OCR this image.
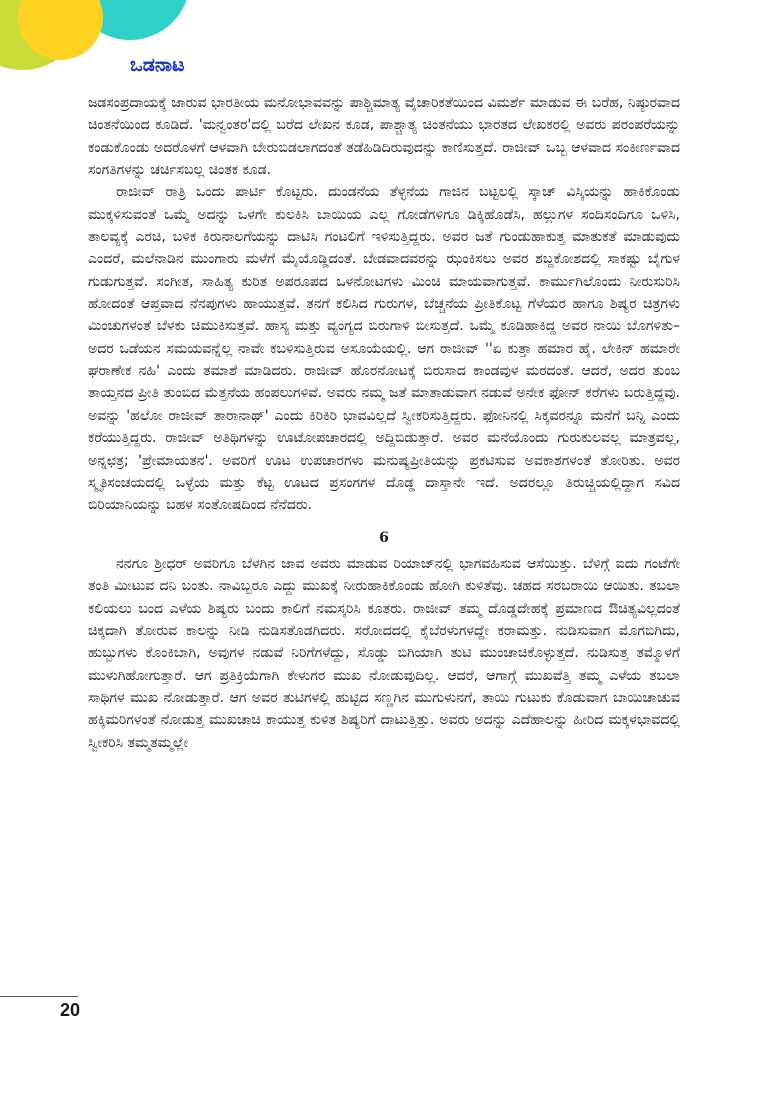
ಒಡನಾಟ

ಜಡಸಂಪ್ರದಾಯಕ್ಕೆ ಜಾರುವ ಭಾರತೀಯ ಮನೋಭಾವವನ್ನು ಪಾಶ್ಚಿಮಾತ್ಯ ವೈಚಾರಿಕತೆಯಿಂದ ವಿಮರ್ಶೆ ಮಾಡುವ ಈ ಬರೆಹ, ನಿಷ್ಠುರವಾದ ಚಿಂತನೆಯಿಂದ ಕೂಡಿದೆ. 'ಮನ್ವಂತರ'ದಲ್ಲಿ ಬರೆದ ಲೇಖನ ಕೂಡ, ಪಾಶ್ಚಾತ್ಯ ಚಿಂತನೆಯು ಭಾರತದ ಲೇಖಕರಲ್ಲಿ ಅವರು ಪರಂಪರೆಯನ್ನು ಕಂಡುಕೊಂಡು ಅದರೊಳಗೆ ಆಳವಾಗಿ ಬೇರುಬಿಡಲಾಗದಂತೆ ತಡೆಹಿಡಿದಿರುವುದನ್ನು ಕಾಣಿಸುತ್ತದೆ. ರಾಜೀವ್ ಒಬ್ಬ ಆಳವಾದ ಸಂಕೀರ್ಣವಾದ ಸಂಗತಿಗಳನ್ನು ಚರ್ಚಿಸಬಲ್ಲ ಚಿಂತಕ ಕೂಡ.

ರಾಜೀವ್ ರಾತ್ರಿ ಒಂದು ಪಾರ್ಟಿ ಕೊಟ್ಟರು. ದುಂಡನೆಯ ತೆಳ್ಳನೆಯ ಗಾಜಿನ ಬಟ್ಟಲಲ್ಲಿ ಸ್ಕಾಚ್ ವಿಸ್ಕಿಯನ್ನು ಹಾಕಿಕೊಂಡು ಮುಕ್ಕಳಿಸುವಂತೆ ಒಮ್ಮೆ ಅದನ್ನು ಒಳಗೇ ಕುಲಕಿಸಿ ಬಾಯಿಯ ಎಲ್ಲ ಗೋಡೆಗಳಿಗೂ ಡಿಕ್ಕಿಹೊಡೆಸಿ, ಹಲ್ಲುಗಳ ಸಂದಿಸಂದಿಗೂ ಒಳಿಸಿ, ತಾಲವ್ಯಕ್ಕೆ ಎರಚಿ, ಬಳಿಕ ಕಿರುನಾಲಗೆಯನ್ನು ದಾಟಿಸಿ ಗಂಟಲಿಗೆ ಇಳಿಸುತ್ತಿದ್ದರು. ಅವರ ಜತೆ ಗುಂಡುಹಾಕುತ್ತ ಮಾತುಕತೆ ಮಾಡುವುದು ಎಂದರೆ, ಮಲೆನಾಡಿನ ಮುಂಗಾರು ಮಳೆಗೆ ಮೈಯೊಡ್ಡಿದಂತೆ. ಬೇಡವಾದವರನ್ನು ಝಂಕಿಸಲು ಅವರ ಶಬ್ದಕೋಶದಲ್ಲಿ ಸಾಕಷ್ಟು ಬೈಗುಳ ಗುಡುಗುತ್ತವೆ. ಸಂಗೀತ, ಸಾಹಿತ್ಯ ಕುರಿತ ಅಪರೂಪದ ಒಳನೋಟಗಳು ಮಿಂಚಿ ಮಾಯವಾಗುತ್ತವೆ. ಕಾರ್ಮುಗಿಲೊಂದು ನೀರುಸುರಿಸಿ ಹೋದಂತೆ ಆಪ್ತವಾದ ನೆನಪುಗಳು ಹಾಯುತ್ತವೆ. ತನಗೆ ಕಲಿಸಿದ ಗುರುಗಳ, ಬೆಚ್ಚನೆಯ ಪ್ರೀತಿಕೊಟ್ಟ ಗೆಳೆಯರ ಹಾಗೂ ಶಿಷ್ಯರ ಚಿತ್ರಗಳು ಮಿಂಚುಗಳಂತೆ ಬೆಳಕು ಚಿಮುಕಿಸುತ್ತವೆ. ಹಾಸ್ಯ ಮತ್ತು ವ್ಯಂಗ್ಯದ ಬಿರುಗಾಳಿ ಬೀಸುತ್ತದೆ. ಒಮ್ಮೆ ಕೂಡಿಹಾಕಿದ್ದ ಅವರ ನಾಯಿ ಬೊಗಳಿತು–ಅದರ ಒಡೆಯನ ಸಮಯವನ್ನೆಲ್ಲ ನಾವೇ ಕಬಳಿಸುತ್ತಿರುವ ಅಸೂಯೆಯಲ್ಲಿ. ಆಗ ರಾಜೀವ್ ''ಏ ಕುತ್ತಾ ಹಮಾರ ಹೈ. ಲೇಕಿನ್ ಹಮಾರೇ ಘರಾಣೇಕ ನಹಿ' ಎಂದು ತಮಾಶೆ ಮಾಡಿದರು. ರಾಜೀವ್ ಹೊರನೋಟಕ್ಕೆ ಬಿರುಸಾದ ಕಾಂಡವುಳ ಮರದಂತೆ. ಆದರೆ, ಅದರ ತುಂಬ ತಾಯ್ತನದ ಪ್ರೀತಿ ತುಂಬಿದ ಮೆತ್ತನೆಯ ಹಂಪಲುಗಳಿವೆ. ಅವರು ನಮ್ಮ ಜತೆ ಮಾತಾಡುವಾಗ ನಡುವೆ ಅನೇಕ ಫೋನ್ ಕರೆಗಳು ಬರುತ್ತಿದ್ದವು. ಅವನ್ನು 'ಹಲೋ ರಾಜೀವ್ ತಾರಾನಾಥ್' ಎಂದು ಕಿರಿಕಿರಿ ಭಾವವಿಲ್ಲದೆ ಸ್ವೀಕರಿಸುತ್ತಿದ್ದರು. ಫೋನಿನಲ್ಲಿ ಸಿಕ್ಕವರನ್ನೂ ಮನೆಗೆ ಬನ್ನಿ ಎಂದು ಕರೆಯುತ್ತಿದ್ದರು. ರಾಜೀವ್ ಅತಿಥಿಗಳನ್ನು ಊಟೋಪಚಾರದಲ್ಲಿ ಅದ್ದಿಬಿಡುತ್ತಾರೆ. ಅವರ ಮನೆಯೊಂದು ಗುರುಕುಲವಲ್ಲ ಮಾತ್ರವಲ್ಲ, ಅನ್ನಛತ್ರ; 'ಪ್ರೇಮಾಯತನ'. ಅವರಿಗೆ ಊಟ ಉಪಚಾರಗಳು ಮನುಷ್ಯಪ್ರೀತಿಯನ್ನು ಪ್ರಕಟಿಸುವ ಅವಕಾಶಗಳಂತೆ ತೋರಿತು. ಅವರ ಸ್ಮೃತಿಸಂಚಯದಲ್ಲಿ ಒಳ್ಳೆಯ ಮತ್ತು ಕೆಟ್ಟ ಊಟದ ಪ್ರಸಂಗಗಳ ದೊಡ್ಡ ದಾಸ್ತಾನೇ ಇದೆ. ಅದರಲ್ಲೂ ತಿರುಚ್ಚಿಯಲ್ಲಿದ್ದಾಗ ಸವಿದ ಬಿರಿಯಾನಿಯನ್ನು ಬಹಳ ಸಂತೋಷದಿಂದ ನೆನೆದರು.

6

ನನಗೂ ಶ್ರೀಧರ್ ಅವರಿಗೂ ಬೆಳಗಿನ ಜಾವ ಅವರು ಮಾಡುವ ರಿಯಾಜ್‌ನಲ್ಲಿ ಭಾಗವಹಿಸುವ ಆಸೆಯಿತ್ತು. ಬೆಳಿಗ್ಗೆ ಐದು ಗಂಟೆಗೇ ತಂತಿ ಮೀಟುವ ದನಿ ಬಂತು. ನಾವಿಬ್ಬರೂ ಎದ್ದು ಮುಖಕ್ಕೆ ನೀರುಹಾಕಿಕೊಂಡು ಹೋಗಿ ಕುಳಿತೆವು. ಚಹದ ಸರಬರಾಯಿ ಆಯಿತು. ತಬಲಾ ಕಲಿಯಲು ಬಂದ ಎಳೆಯ ಶಿಷ್ಯರು ಬಂದು ಕಾಲಿಗೆ ನಮಸ್ಕರಿಸಿ ಕೂತರು. ರಾಜೀವ್ ತಮ್ಮ ದೊಡ್ಡದೇಹಕ್ಕೆ ಪ್ರಮಾಣದ ಔಚಿತ್ಯವಿಲ್ಲದಂತೆ ಚಿಕ್ಕದಾಗಿ ತೋರುವ ಕಾಲನ್ನು ನೀಡಿ ನುಡಿಸತೊಡಗಿದರು. ಸರೋದದಲ್ಲಿ ಕೈಬೆರಳುಗಳದ್ದೇ ಕರಾಮತ್ತು. ನುಡಿಸುವಾಗ ಮೊಗಬಿಗಿದು, ಹುಬ್ಬುಗಳು ಕೊಂಕಿಬಾಗಿ, ಅವುಗಳ ನಡುವೆ ನಿರಿಗೆಗಳೆದ್ದು, ಸೊಡ್ಡು ಬಿಗಿಯಾಗಿ ತುಟಿ ಮುಂಚಾಚಿಕೊಳ್ಳುತ್ತದೆ. ನುಡಿಸುತ್ತ ತಮ್ಮೊಳಗೆ ಮುಳುಗಿಹೋಗುತ್ತಾರೆ. ಆಗ ಪ್ರತಿಕ್ರಿಯೆಗಾಗಿ ಕೇಳುಗರ ಮುಖ ನೋಡುವುದಿಲ್ಲ. ಆದರೆ, ಆಗಾಗ್ಗೆ ಮುಖವೆತ್ತಿ ತಮ್ಮ ಎಳೆಯ ತಬಲಾ ಸಾಥಿಗಳ ಮುಖ ನೋಡುತ್ತಾರೆ. ಆಗ ಅವರ ತುಟಿಗಳಲ್ಲಿ ಹುಟ್ಟಿದ ಸಣ್ಣಗಿನ ಮುಗುಳುನಗೆ, ತಾಯಿ ಗುಟುಕು ಕೊಡುವಾಗ ಬಾಯಿಚಾಚುವ ಹಕ್ಕಿಮರಿಗಳಂತೆ ನೋಡುತ್ತ ಮುಖಚಾಚಿ ಕಾಯುತ್ತ ಕುಳಿತ ಶಿಷ್ಯರಿಗೆ ದಾಟುತ್ತಿತ್ತು. ಅವರು ಅದನ್ನು ಎದೆಹಾಲನ್ನು ಹೀರಿದ ಮಕ್ಕಳಭಾವದಲ್ಲಿ ಸ್ವೀಕರಿಸಿ ತಮ್ಮತಮ್ಮಲ್ಲೇ

20
